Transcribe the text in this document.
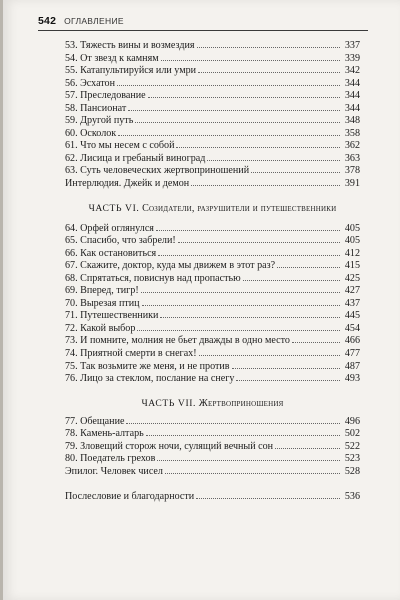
542 ОГЛАВЛЕНИЕ
53. Тяжесть вины и возмездия	337
54. От звезд к камням	339
55. Катапультируйся или умри	342
56. Эсхатон	344
57. Преследование	344
58. Пансионат	344
59. Другой путь	348
60. Осколок	358
61. Что мы несем с собой	362
62. Лисица и гребаный виноград	363
63. Суть человеческих жертвоприношений	378
Интерлюдия. Джейк и демон	391
ЧАСТЬ VI. Созидатели, разрушители и путешественники
64. Орфей оглянулся	405
65. Спасибо, что забрели!	405
66. Как остановиться	412
67. Скажите, доктор, куда мы движем в этот раз?	415
68. Спрятаться, повиснув над пропастью	425
69. Вперед, тигр!	427
70. Вырезая птиц	437
71. Путешественники	445
72. Какой выбор	454
73. И помните, молния не бьет дважды в одно место	466
74. Приятной смерти в снегах!	477
75. Так возьмите же меня, и не против	487
76. Лицо за стеклом, послание на снегу	493
ЧАСТЬ VII. Жертвоприношения
77. Обещание	496
78. Камень-алтарь	502
79. Зловещий сторож ночи, сулящий вечный сон	522
80. Поедатель грехов	523
Эпилог. Человек чисел	528
Послесловие и благодарности	536
